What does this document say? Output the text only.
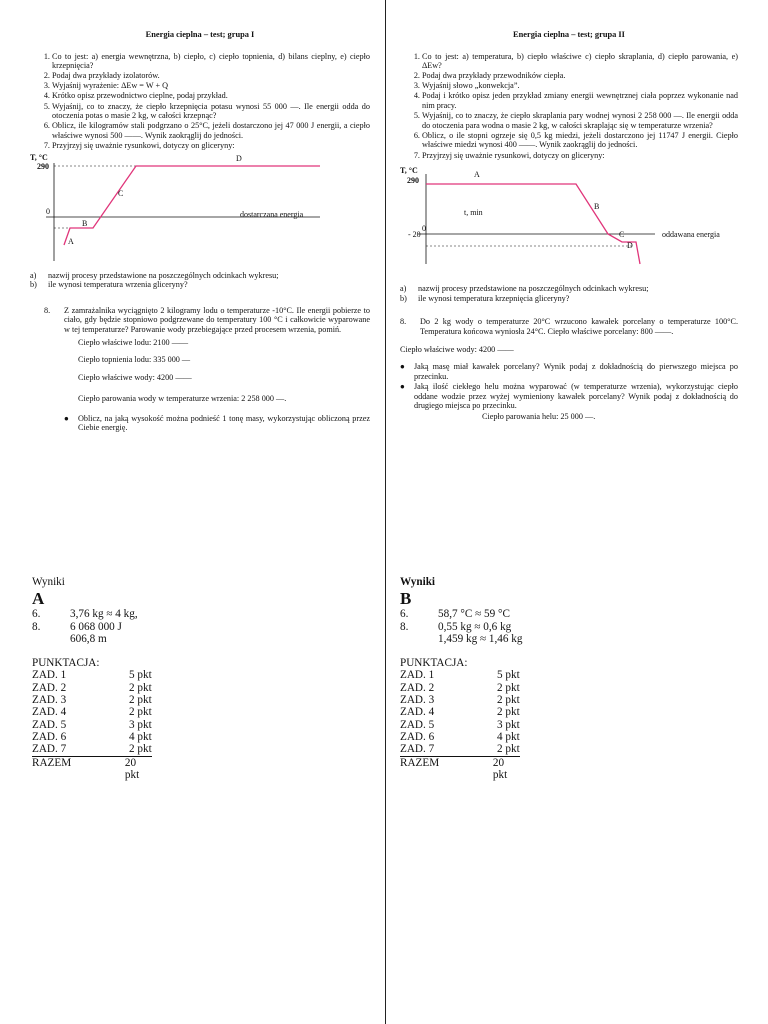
Energia cieplna – test; grupa I
1. Co to jest: a) energia wewnętrzna, b) ciepło, c) ciepło topnienia, d) bilans cieplny, e) ciepło krzepnięcia?
2. Podaj dwa przykłady izolatorów.
3. Wyjaśnij wyrażenie: ΔEw = W + Q
4. Krótko opisz przewodnictwo cieplne, podaj przykład.
5. Wyjaśnij, co to znaczy, że ciepło krzepnięcia potasu wynosi 55 000 —. Ile energii odda do otoczenia potas o masie 2 kg, w całości krzepnąc?
6. Oblicz, ile kilogramów stali podgrzano o 25°C, jeżeli dostarczono jej 47 000 J energii, a ciepło właściwe wynosi 500 ——. Wynik zaokrąglij do jedności.
7. Przyjrzyj się uważnie rysunkowi, dotyczy on gliceryny:
T, °C
290
0	dostarczana energia
A
B
C
D
a) nazwij procesy przedstawione na poszczególnych odcinkach wykresu;
b) ile wynosi temperatura wrzenia gliceryny?
8.	Z zamrażalnika wyciągnięto 2 kilogramy lodu o temperaturze -10°C. Ile energii pobierze to ciało, gdy będzie stopniowo podgrzewane do temperatury 100 °C i całkowicie wyparowane w tej temperaturze? Parowanie wody przebiegające przed procesem wrzenia, pomiń.

Ciepło właściwe lodu: 2100 ——
Ciepło topnienia lodu: 335 000 —
Ciepło właściwe wody: 4200 ——
Ciepło parowania wody w temperaturze wrzenia: 2 258 000 —.
●	Oblicz, na jaką wysokość można podnieść 1 tonę masy, wykorzystując obliczoną przez Ciebie energię.
Energia cieplna – test; grupa II
1. Co to jest: a) temperatura, b) ciepło właściwe c) ciepło skraplania, d) ciepło parowania, e) ΔEw?
2. Podaj dwa przykłady przewodników ciepła.
3. Wyjaśnij słowo „konwekcja”.
4. Podaj i krótko opisz jeden przykład zmiany energii wewnętrznej ciała poprzez wykonanie nad nim pracy.
5. Wyjaśnij, co to znaczy, że ciepło skraplania pary wodnej wynosi 2 258 000 —. Ile energii odda do otoczenia para wodna o masie 2 kg, w całości skraplając się w temperaturze wrzenia?
6. Oblicz, o ile stopni ogrzeje się 0,5 kg miedzi, jeżeli dostarczono jej 11747 J energii. Ciepło właściwe miedzi wynosi 400 ——. Wynik zaokrąglij do jedności.
7. Przyjrzyj się uważnie rysunkowi, dotyczy on gliceryny:
T, °C
290
0
- 20
t, min
oddawana energia
A
B
C
D
a) nazwij procesy przedstawione na poszczególnych odcinkach wykresu;
b) ile wynosi temperatura krzepnięcia gliceryny?
8.	Do 2 kg wody o temperaturze 20°C wrzucono kawałek porcelany o temperaturze 100°C. Temperatura końcowa wyniosła 24°C. Ciepło właściwe porcelany: 800 ——.

Ciepło właściwe wody: 4200 ——
●	Jaką masę miał kawałek porcelany? Wynik podaj z dokładnością do pierwszego miejsca po przecinku.
●	Jaką ilość ciekłego helu można wyparować (w temperaturze wrzenia), wykorzystując ciepło oddane wodzie przez wyżej wymieniony kawałek porcelany? Wynik podaj z dokładnością do drugiego miejsca po przecinku.
Ciepło parowania helu: 25 000 —.
Wyniki
A
6.	3,76 kg ≈ 4 kg,
8.	6 068 000 J
606,8 m
PUNKTACJA:
ZAD. 1	5 pkt
ZAD. 2	2 pkt
ZAD. 3	2 pkt
ZAD. 4	2 pkt
ZAD. 5	3 pkt
ZAD. 6	4 pkt
ZAD. 7	2 pkt
RAZEM	20 pkt
Wyniki
B
6.	58,7 °C ≈ 59 °C
8.	0,55 kg ≈ 0,6 kg
1,459 kg ≈ 1,46 kg
PUNKTACJA:
ZAD. 1	5 pkt
ZAD. 2	2 pkt
ZAD. 3	2 pkt
ZAD. 4	2 pkt
ZAD. 5	3 pkt
ZAD. 6	4 pkt
ZAD. 7	2 pkt
RAZEM	20 pkt
